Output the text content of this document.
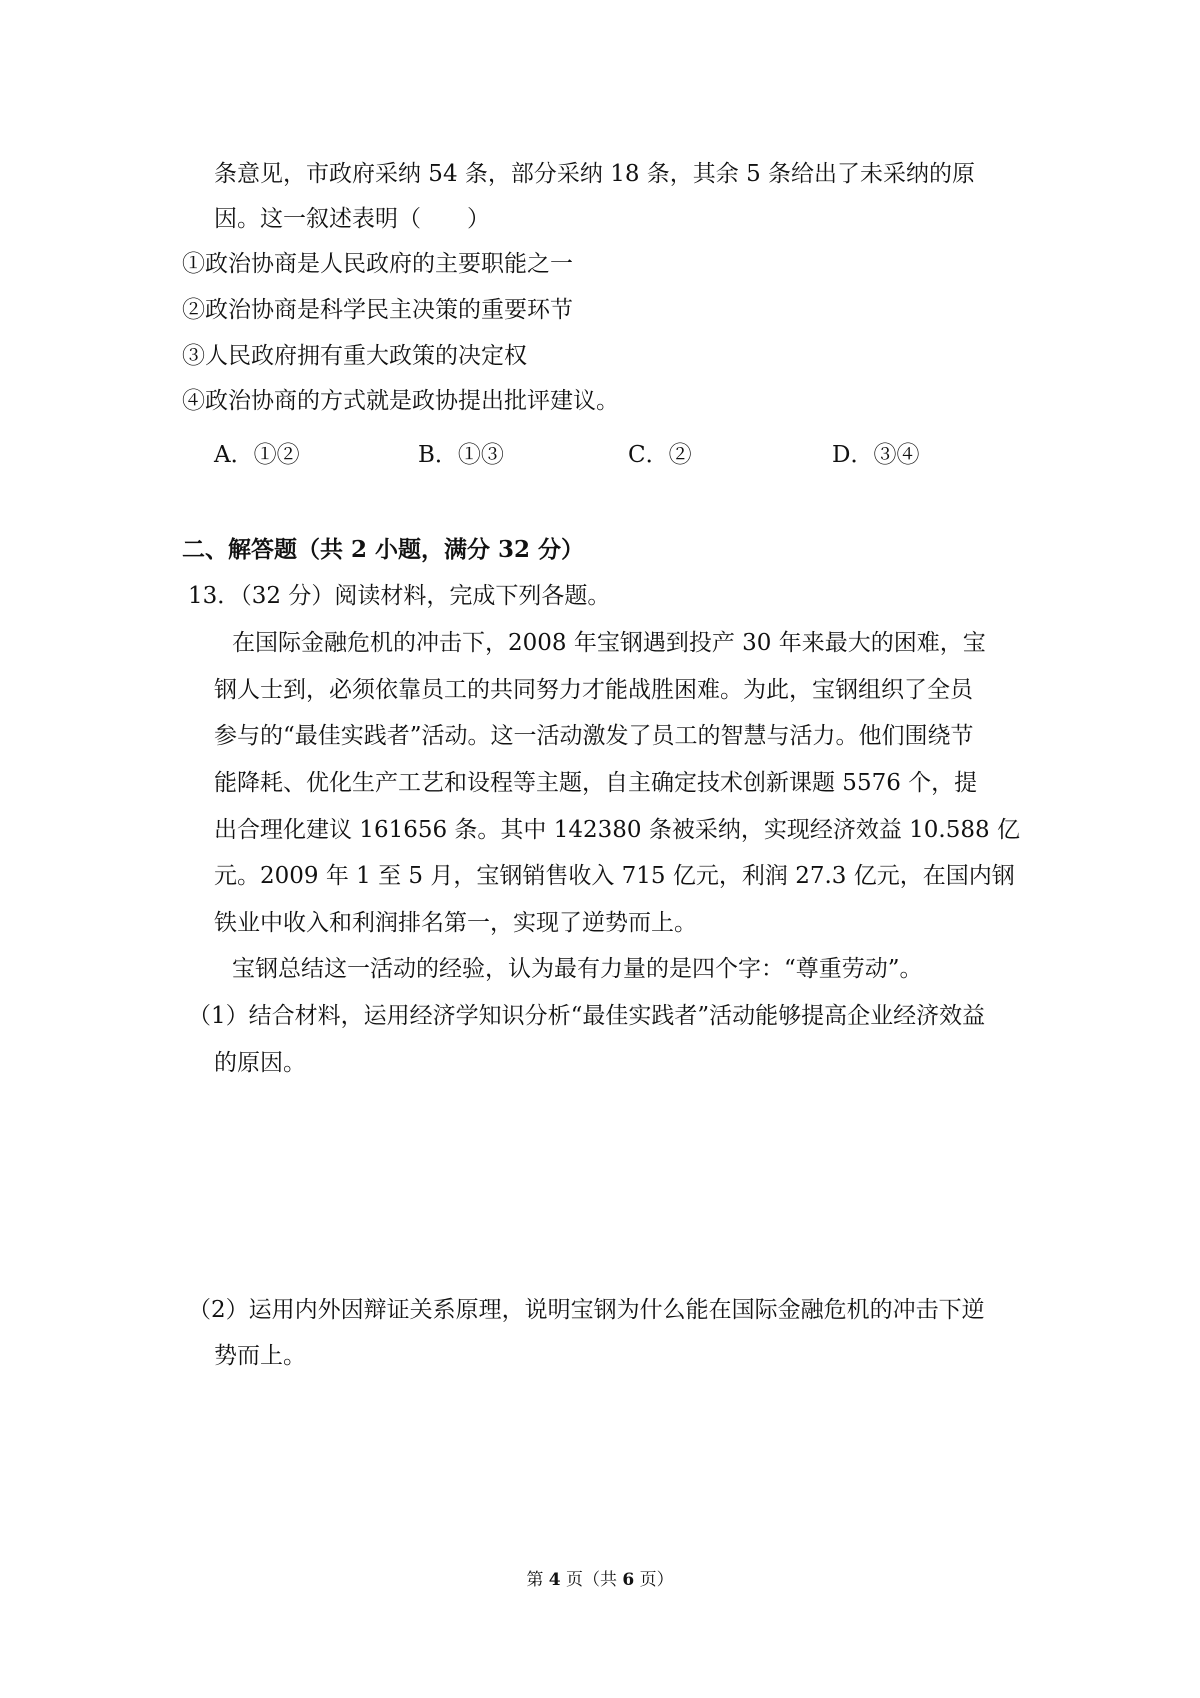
条意见，市政府采纳 54 条，部分采纳 18 条，其余 5 条给出了未采纳的原
因。这一叙述表明（　　）
①政治协商是人民政府的主要职能之一
②政治协商是科学民主决策的重要环节
③人民政府拥有重大政策的决定权
④政治协商的方式就是政协提出批评建议。
A．①②	B．①③	C．②	D．③④
二、解答题（共 2 小题，满分 32 分）
13．（32 分）阅读材料，完成下列各题。
在国际金融危机的冲击下，2008 年宝钢遇到投产 30 年来最大的困难，宝
钢人士到，必须依靠员工的共同努力才能战胜困难。为此，宝钢组织了全员
参与的“最佳实践者”活动。这一活动激发了员工的智慧与活力。他们围绕节
能降耗、优化生产工艺和设程等主题，自主确定技术创新课题 5576 个，提
出合理化建议 161656 条。其中 142380 条被采纳，实现经济效益 10.588 亿
元。2009 年 1 至 5 月，宝钢销售收入 715 亿元，利润 27.3 亿元，在国内钢
铁业中收入和利润排名第一，实现了逆势而上。
宝钢总结这一活动的经验，认为最有力量的是四个字：“尊重劳动”。
（1）结合材料，运用经济学知识分析“最佳实践者”活动能够提高企业经济效益
的原因。
（2）运用内外因辩证关系原理，说明宝钢为什么能在国际金融危机的冲击下逆
势而上。
第 4 页（共 6 页）
